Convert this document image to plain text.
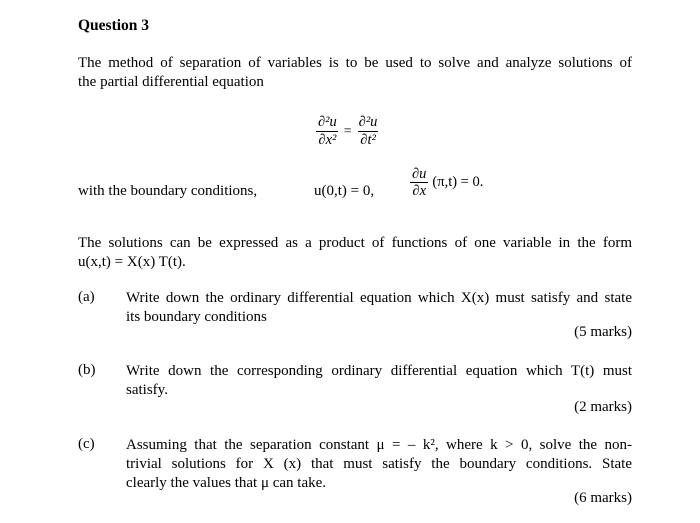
Question 3
The method of separation of variables is to be used to solve and analyze solutions of
the partial differential equation
$\frac{\text{∂²u}}{\text{∂x²}} = \frac{\text{∂²u}}{\text{∂t²}}$
with the boundary conditions,	u(0,t) = 0, $\frac{\partial u}{\partial x} (\pi,t) = 0$.
The solutions can be expressed as a product of functions of one variable in the form
u(x,t) = X(x) T(t).
(a) Write down the ordinary differential equation which X(x) must satisfy and state
its boundary conditions
(5 marks)
(b) Write down the corresponding ordinary differential equation which T(t) must
satisfy.
(2 marks)
(c) Assuming that the separation constant μ = – k², where k > 0, solve the non-
trivial solutions for X (x) that must satisfy the boundary conditions. State
clearly the values that μ can take.
(6 marks)
